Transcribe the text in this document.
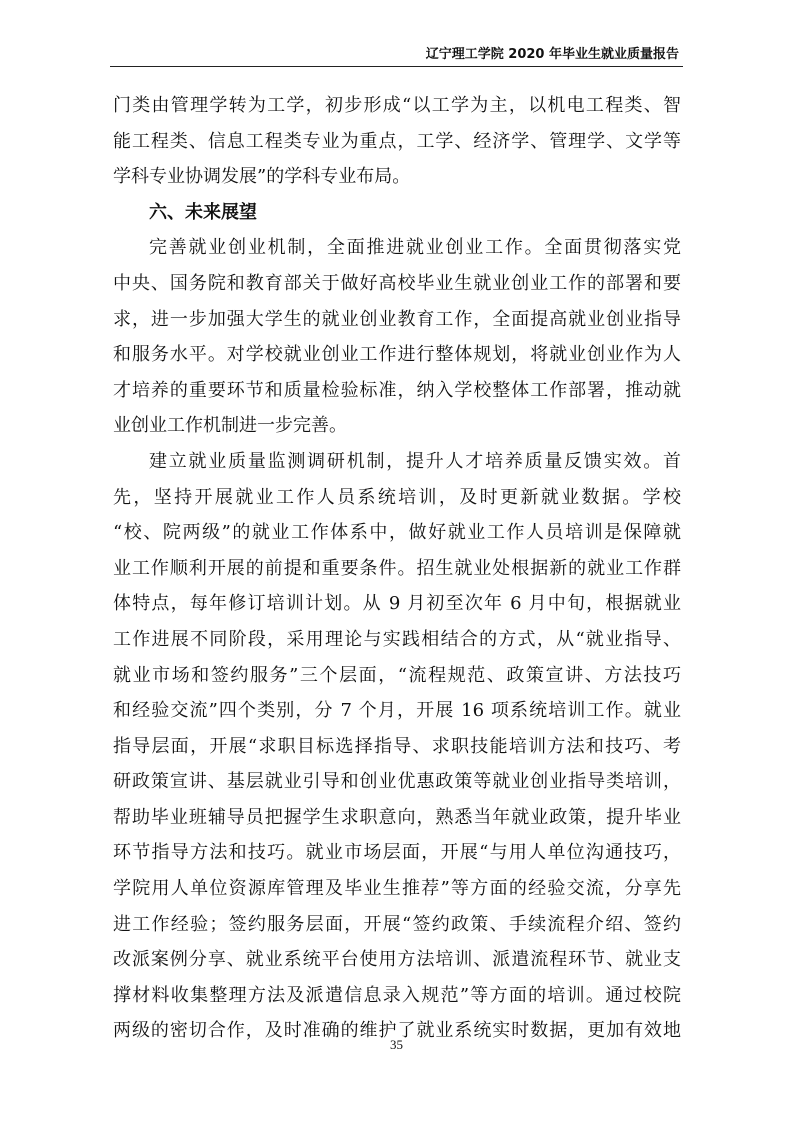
辽宁理工学院 2020 年毕业生就业质量报告
门类由管理学转为工学，初步形成“以工学为主，以机电工程类、智
能工程类、信息工程类专业为重点，工学、经济学、管理学、文学等
学科专业协调发展”的学科专业布局。
六、未来展望
完善就业创业机制，全面推进就业创业工作。全面贯彻落实党
中央、国务院和教育部关于做好高校毕业生就业创业工作的部署和要
求，进一步加强大学生的就业创业教育工作，全面提高就业创业指导
和服务水平。对学校就业创业工作进行整体规划，将就业创业作为人
才培养的重要环节和质量检验标准，纳入学校整体工作部署，推动就
业创业工作机制进一步完善。
建立就业质量监测调研机制，提升人才培养质量反馈实效。首
先，坚持开展就业工作人员系统培训，及时更新就业数据。学校
“校、院两级”的就业工作体系中，做好就业工作人员培训是保障就
业工作顺利开展的前提和重要条件。招生就业处根据新的就业工作群
体特点，每年修订培训计划。从 9 月初至次年 6 月中旬，根据就业
工作进展不同阶段，采用理论与实践相结合的方式，从“就业指导、
就业市场和签约服务”三个层面，“流程规范、政策宣讲、方法技巧
和经验交流”四个类别，分 7 个月，开展 16 项系统培训工作。就业
指导层面，开展“求职目标选择指导、求职技能培训方法和技巧、考
研政策宣讲、基层就业引导和创业优惠政策等就业创业指导类培训，
帮助毕业班辅导员把握学生求职意向，熟悉当年就业政策，提升毕业
环节指导方法和技巧。就业市场层面，开展“与用人单位沟通技巧，
学院用人单位资源库管理及毕业生推荐”等方面的经验交流，分享先
进工作经验；签约服务层面，开展“签约政策、手续流程介绍、签约
改派案例分享、就业系统平台使用方法培训、派遣流程环节、就业支
撑材料收集整理方法及派遣信息录入规范”等方面的培训。通过校院
两级的密切合作，及时准确的维护了就业系统实时数据，更加有效地
35
